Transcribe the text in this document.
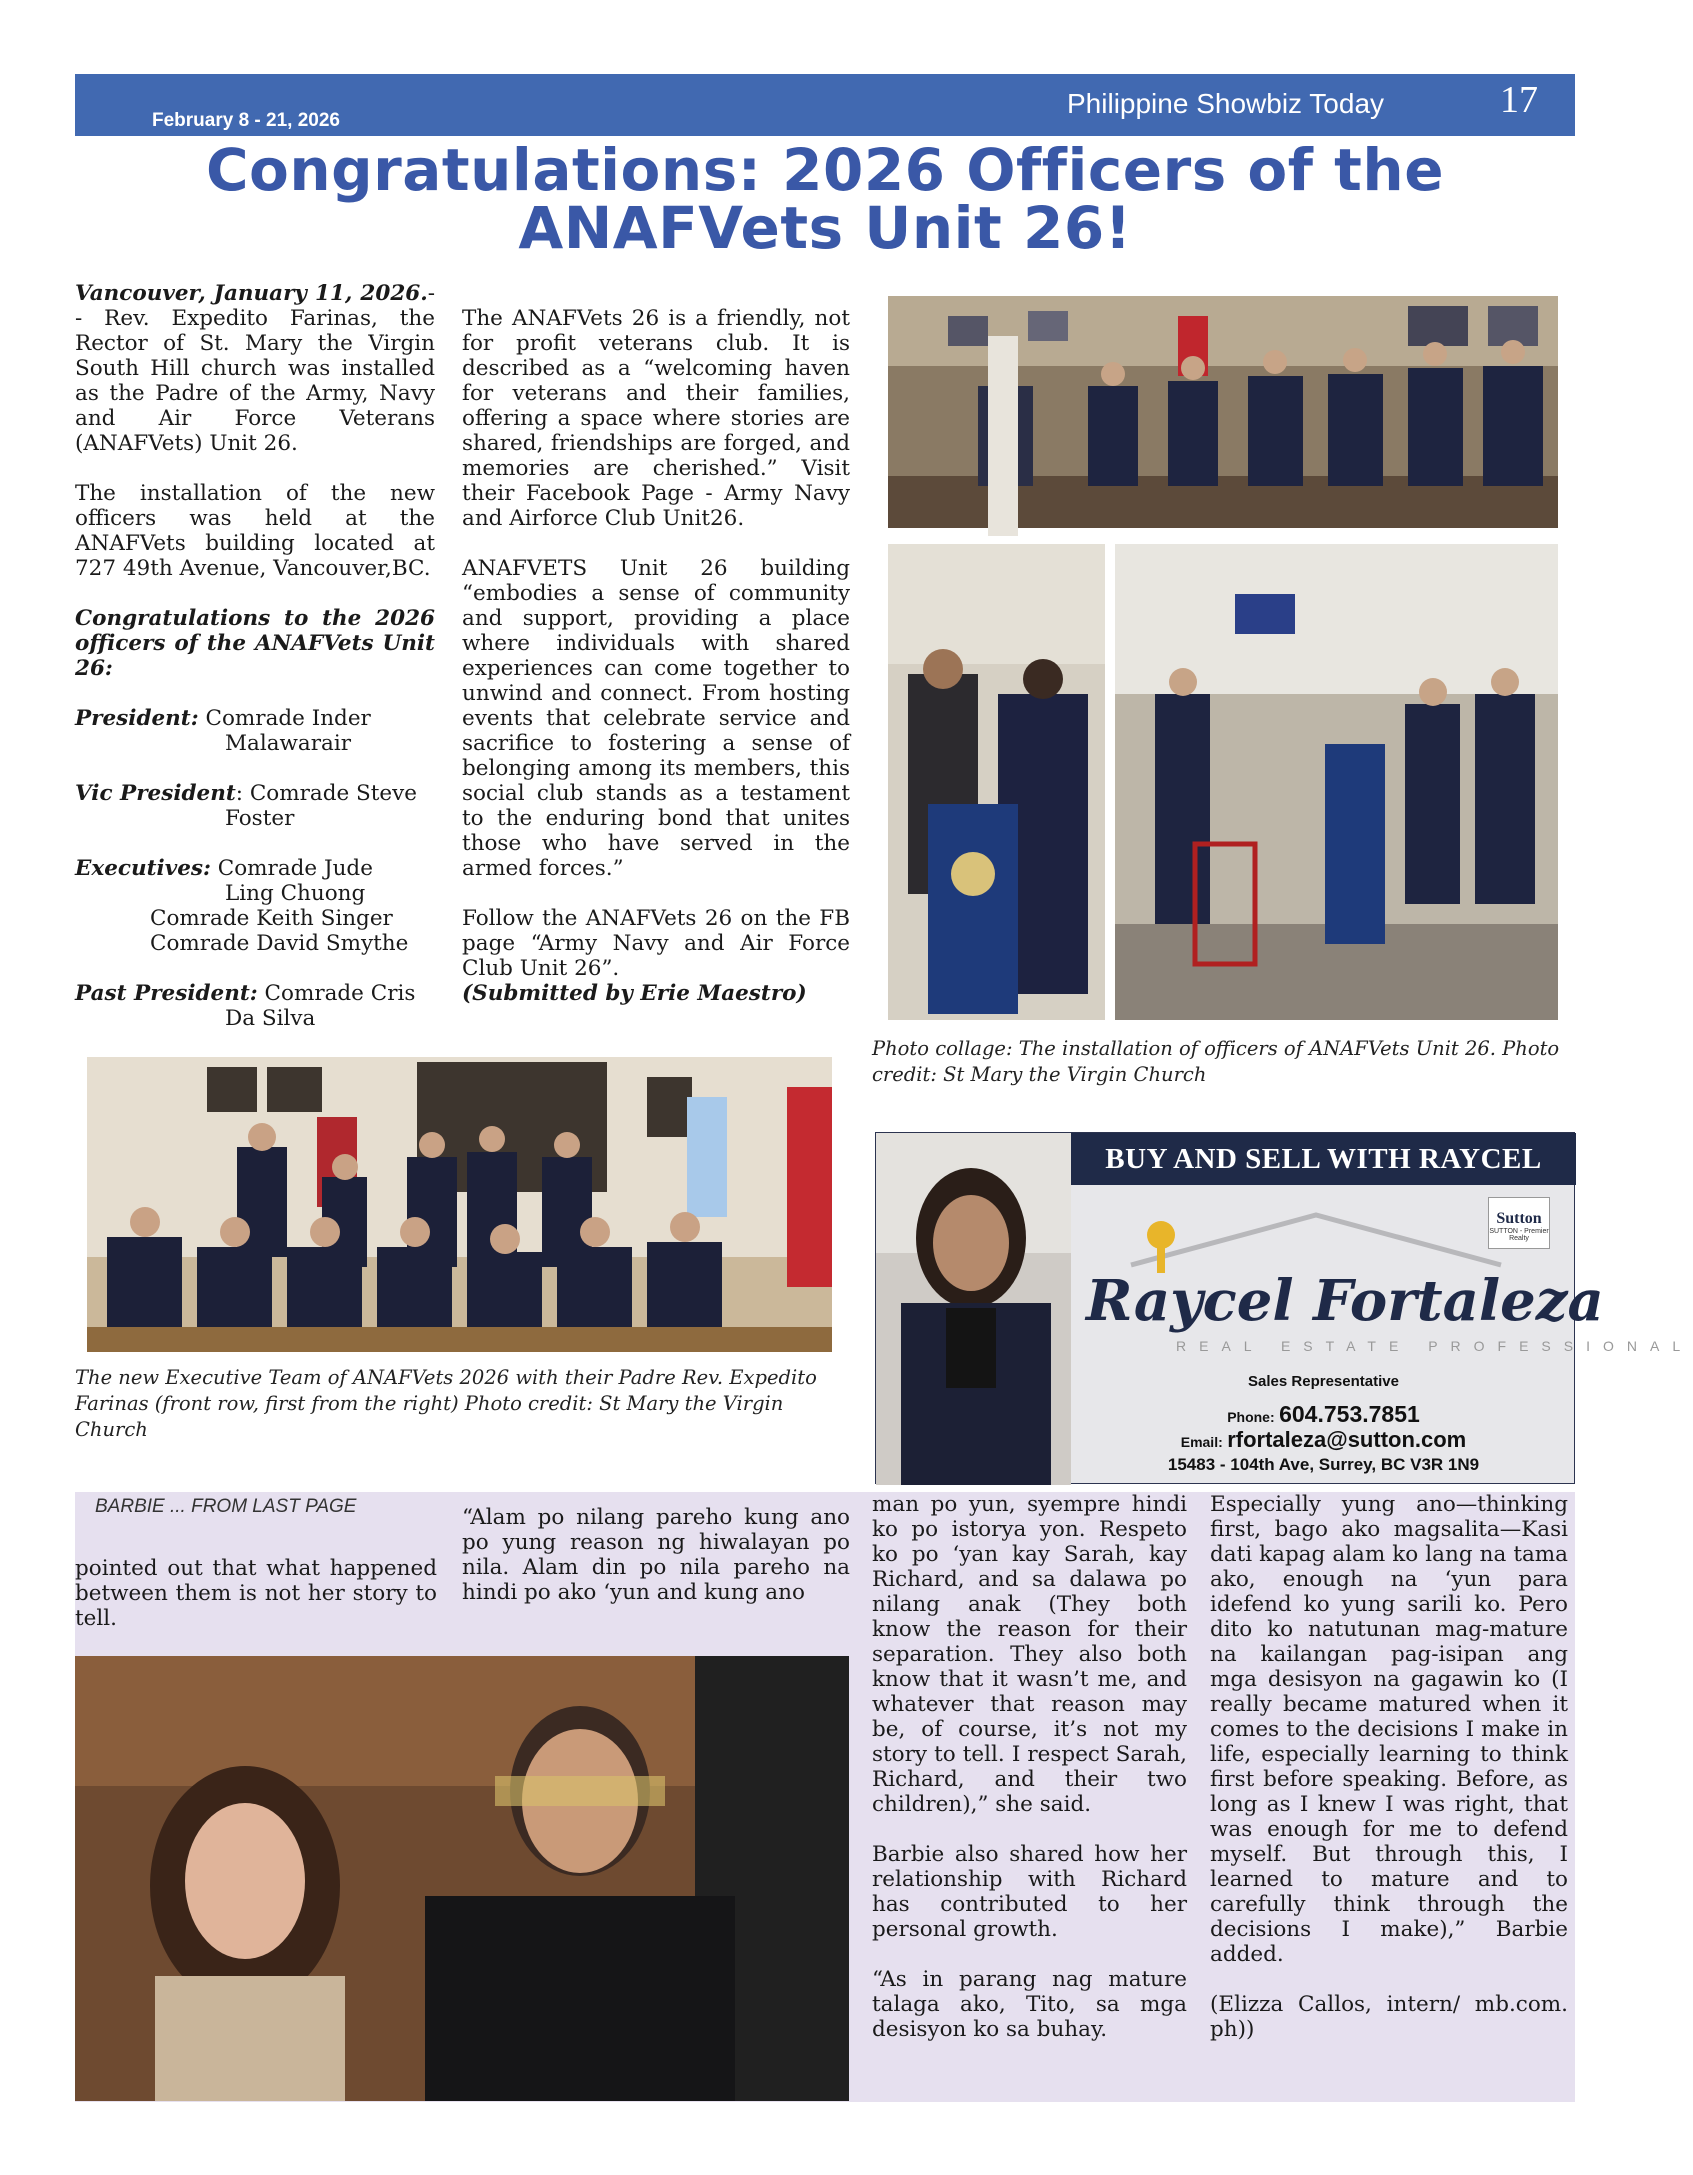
February 8 - 21, 2026
Philippine Showbiz Today	17
Congratulations: 2026 Officers of the
ANAFVets Unit 26!

Vancouver, January 11, 2026.-- Rev. Expedito Farinas, the Rector of St. Mary the Virgin South Hill church was installed as the Padre of the Army, Navy and Air Force Veterans (ANAFVets) Unit 26.

The installation of the new officers was held at the ANAFVets building located at 727 49th Avenue, Vancouver,BC.

Congratulations to the 2026 officers of the ANAFVets Unit 26:

President: Comrade Inder
Malawarair
Vic President: Comrade Steve
Foster
Executives: Comrade Jude
Ling Chuong
Comrade Keith Singer
Comrade David Smythe
Past President: Comrade Cris
Da Silva

The ANAFVets 26 is a friendly, not for profit veterans club. It is described as a “welcoming haven for veterans and their families, offering a space where stories are shared, friendships are forged, and memories are cherished.” Visit their Facebook Page - Army Navy and Airforce Club Unit26.

ANAFVETS Unit 26 building “embodies a sense of community and support, providing a place where individuals with shared experiences can come together to unwind and connect. From hosting events that celebrate service and sacrifice to fostering a sense of belonging among its members, this social club stands as a testament to the enduring bond that unites those who have served in the armed forces.”

Follow the ANAFVets 26 on the FB page “Army Navy and Air Force Club Unit 26”.

(Submitted by Erie Maestro)
Photo collage: The installation of officers of ANAFVets Unit 26. Photo credit: St Mary the Virgin Church
The new Executive Team of ANAFVets 2026 with their Padre Rev. Expedito Farinas (front row, first from the right) Photo credit: St Mary the Virgin Church
BUY AND SELL WITH RAYCEL
Sutton
SUTTON - Premier Realty
Raycel Fortaleza
REAL ESTATE PROFESSIONAL
Sales Representative
Phone: 604.753.7851
Email: rfortaleza@sutton.com
15483 - 104th Ave, Surrey, BC V3R 1N9
BARBIE ... FROM LAST PAGE

pointed out that what happened between them is not her story to tell.

“Alam po nilang pareho kung ano po yung reason ng hiwalayan po nila. Alam din po nila pareho na hindi po ako ‘yun and kung ano

man po yun, syempre hindi ko po istorya yon. Respeto ko po ‘yan kay Sarah, kay Richard, and sa dalawa po nilang anak (They both know the reason for their separation. They also both know that it wasn’t me, and whatever that reason may be, of course, it’s not my story to tell. I respect Sarah, Richard, and their two children),” she said.

Barbie also shared how her relationship with Richard has contributed to her personal growth.

“As in parang nag mature talaga ako, Tito, sa mga desisyon ko sa buhay.

Especially yung ano—thinking first, bago ako magsalita—Kasi dati kapag alam ko lang na tama ako, enough na ‘yun para idefend ko yung sarili ko. Pero dito ko natutunan mag-mature na kailangan pag-isipan ang mga desisyon na gagawin ko (I really became matured when it comes to the decisions I make in life, especially learning to think first before speaking. Before, as long as I knew I was right, that was enough for me to defend myself. But through this, I learned to mature and to carefully think through the decisions I make),” Barbie added.

(Elizza Callos, intern/ mb.com. ph))
